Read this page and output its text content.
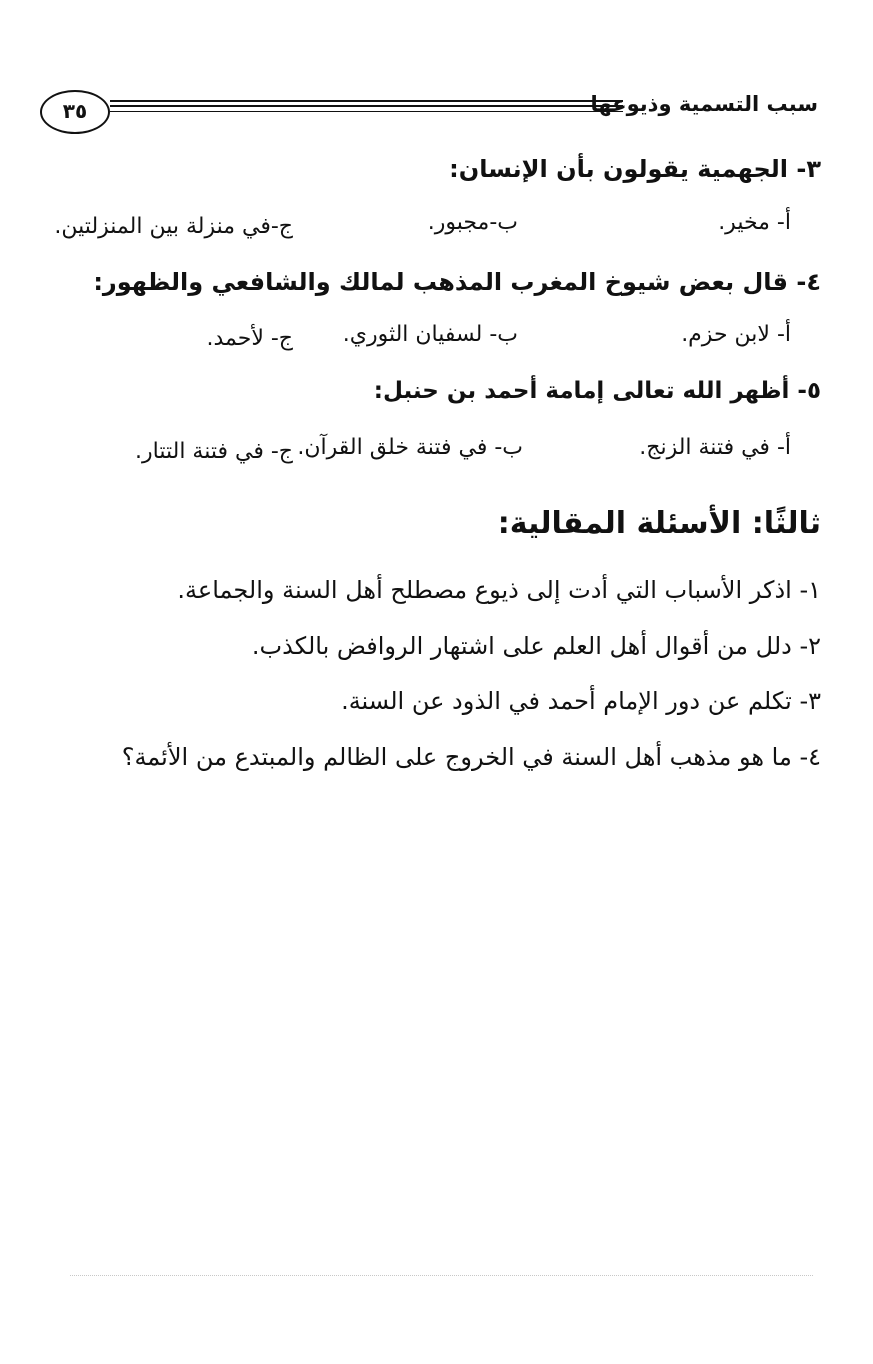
سبب التسمية وذيوعها
٣٥
٣- الجهمية يقولون بأن الإنسان:
أ- مخير.
ب-مجبور.
ج-في منزلة بين المنزلتين.
٤- قال بعض شيوخ المغرب المذهب لمالك والشافعي والظهور:
أ- لابن حزم.
ب- لسفيان الثوري.
ج- لأحمد.
٥- أظهر الله تعالى إمامة أحمد بن حنبل:
أ- في فتنة الزنج.
ب- في فتنة خلق القرآن.
ج- في فتنة التتار.
ثالثًا: الأسئلة المقالية:
١- اذكر الأسباب التي أدت إلى ذيوع مصطلح أهل السنة والجماعة.
٢- دلل من أقوال أهل العلم على اشتهار الروافض بالكذب.
٣- تكلم عن دور الإمام أحمد في الذود عن السنة.
٤- ما هو مذهب أهل السنة في الخروج على الظالم والمبتدع من الأئمة؟
